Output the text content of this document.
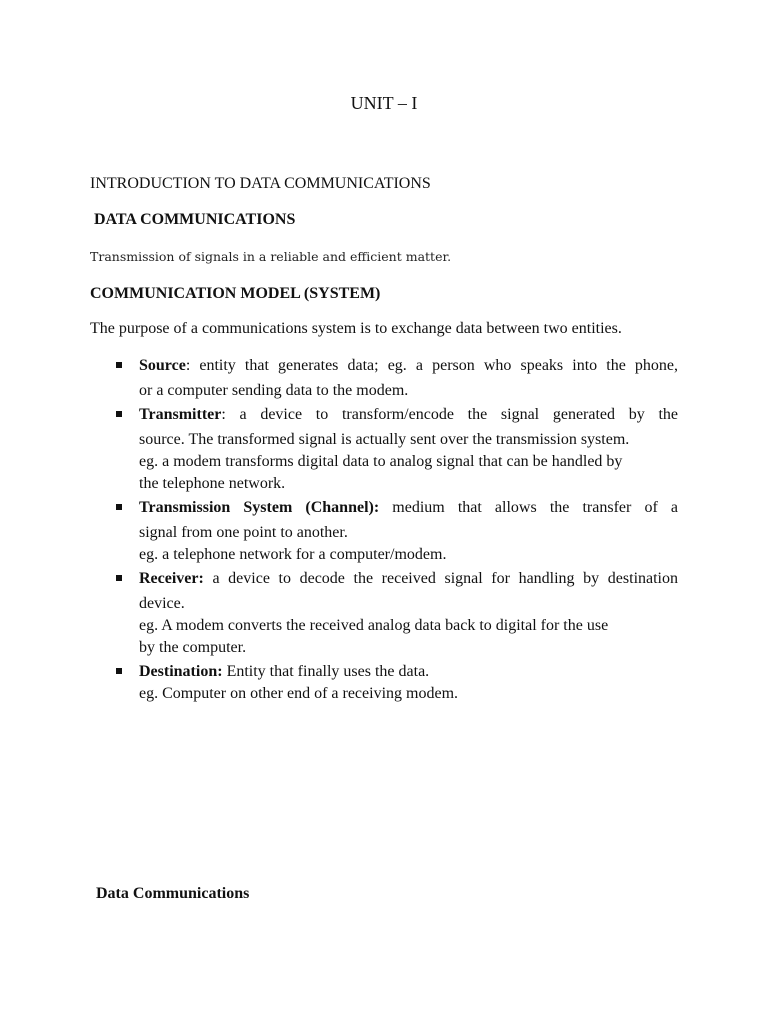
UNIT – I
INTRODUCTION TO DATA COMMUNICATIONS
DATA COMMUNICATIONS
Transmission of signals in a reliable and efficient matter.
COMMUNICATION MODEL (SYSTEM)
The purpose of a communications system is to exchange data between two entities.
Source: entity that generates data; eg. a person who speaks into the phone,
or a computer sending data to the modem.
Transmitter: a device to transform/encode the signal generated by the
source. The transformed signal is actually sent over the transmission system.
eg. a modem transforms digital data to analog signal that can be handled by
the telephone network.
Transmission System (Channel): medium that allows the transfer of a
signal from one point to another.
eg. a telephone network for a computer/modem.
Receiver: a device to decode the received signal for handling by destination
device.
eg. A modem converts the received analog data back to digital for the use
by the computer.
Destination: Entity that finally uses the data.
eg. Computer on other end of a receiving modem.
Data Communications
